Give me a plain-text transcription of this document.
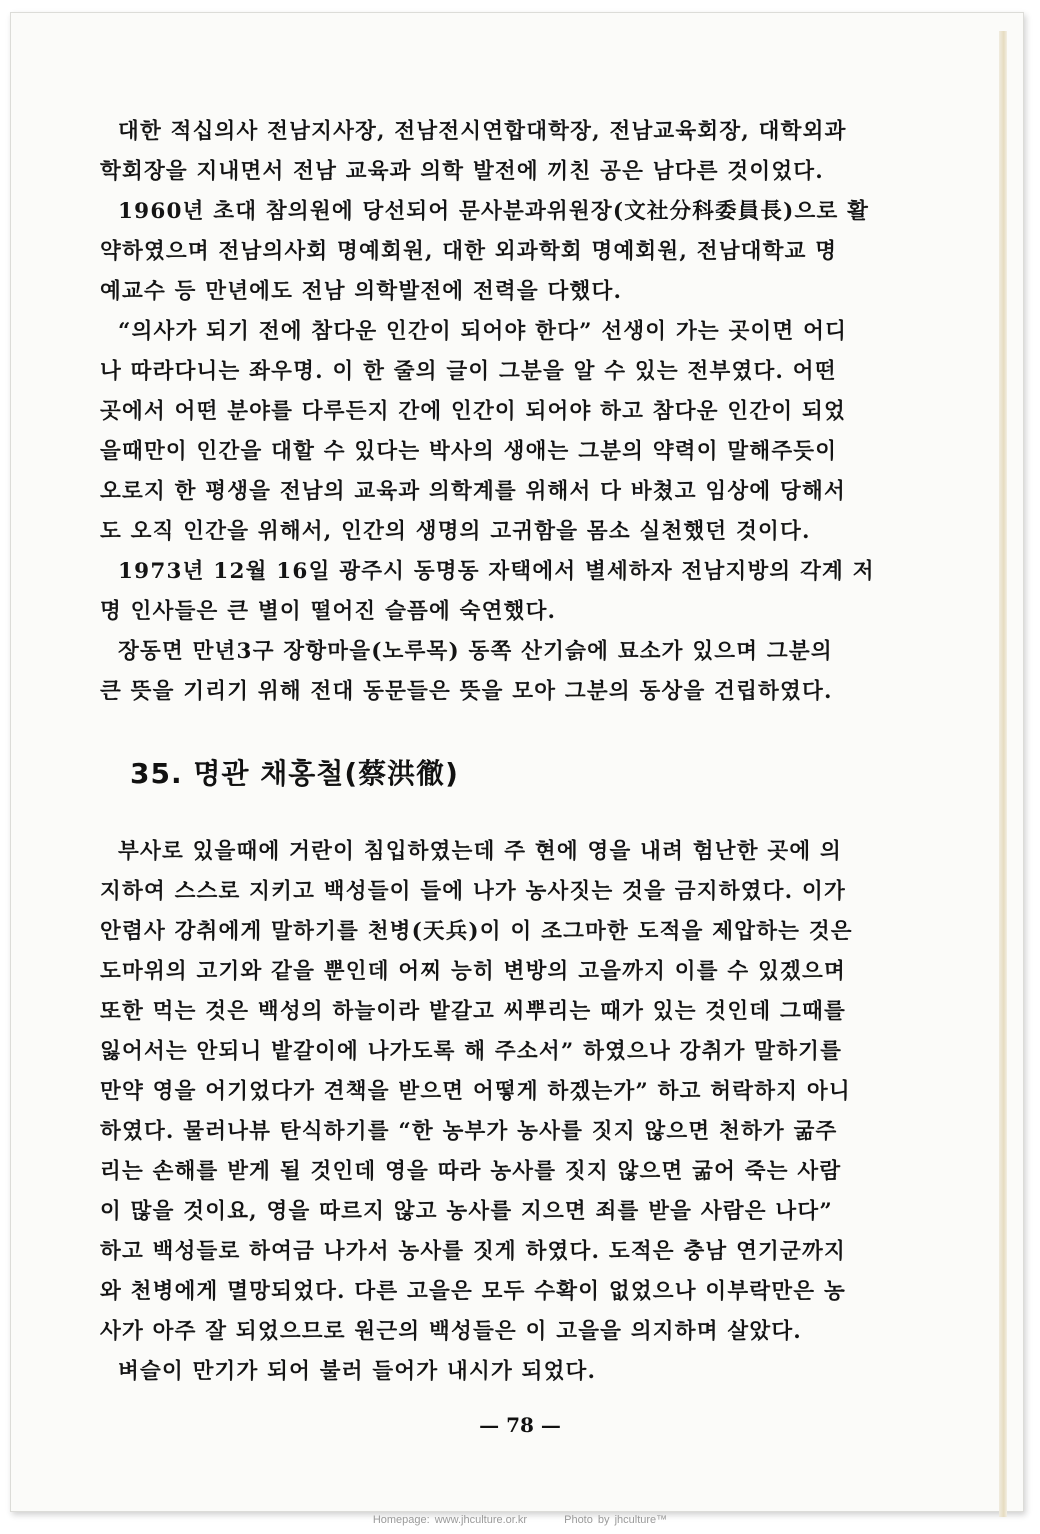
대한 적십의사 전남지사장, 전남전시연합대학장, 전남교육회장, 대학외과
학회장을 지내면서 전남 교육과 의학 발전에 끼친 공은 남다른 것이었다.
1960년 초대 참의원에 당선되어 문사분과위원장(文社分科委員長)으로 활
약하였으며 전남의사회 명예회원, 대한 외과학회 명예회원, 전남대학교 명
예교수 등 만년에도 전남 의학발전에 전력을 다했다.
“의사가 되기 전에 참다운 인간이 되어야 한다” 선생이 가는 곳이면 어디
나 따라다니는 좌우명. 이 한 줄의 글이 그분을 알 수 있는 전부였다. 어떤
곳에서 어떤 분야를 다루든지 간에 인간이 되어야 하고 참다운 인간이 되었
을때만이 인간을 대할 수 있다는 박사의 생애는 그분의 약력이 말해주듯이
오로지 한 평생을 전남의 교육과 의학계를 위해서 다 바쳤고 임상에 당해서
도 오직 인간을 위해서, 인간의 생명의 고귀함을 몸소 실천했던 것이다.
1973년 12월 16일 광주시 동명동 자택에서 별세하자 전남지방의 각계 저
명 인사들은 큰 별이 떨어진 슬픔에 숙연했다.
장동면 만년3구 장항마을(노루목) 동쪽 산기슭에 묘소가 있으며 그분의
큰 뜻을 기리기 위해 전대 동문들은 뜻을 모아 그분의 동상을 건립하였다.
35. 명관 채홍철(蔡洪徹)
부사로 있을때에 거란이 침입하였는데 주 현에 영을 내려 험난한 곳에 의
지하여 스스로 지키고 백성들이 들에 나가 농사짓는 것을 금지하였다. 이가
안렴사 강취에게 말하기를 천병(天兵)이 이 조그마한 도적을 제압하는 것은
도마위의 고기와 같을 뿐인데 어찌 능히 변방의 고을까지 이를 수 있겠으며
또한 먹는 것은 백성의 하늘이라 밭갈고 씨뿌리는 때가 있는 것인데 그때를
잃어서는 안되니 밭갈이에 나가도록 해 주소서” 하였으나 강취가 말하기를
만약 영을 어기었다가 견책을 받으면 어떻게 하겠는가” 하고 허락하지 아니
하였다. 물러나뷰 탄식하기를 “한 농부가 농사를 짓지 않으면 천하가 굶주
리는 손해를 받게 될 것인데 영을 따라 농사를 짓지 않으면 굶어 죽는 사람
이 많을 것이요, 영을 따르지 않고 농사를 지으면 죄를 받을 사람은 나다”
하고 백성들로 하여금 나가서 농사를 짓게 하였다. 도적은 충남 연기군까지
와 천병에게 멸망되었다. 다른 고을은 모두 수확이 없었으나 이부락만은 농
사가 아주 잘 되었으므로 원근의 백성들은 이 고을을 의지하며 살았다.
벼슬이 만기가 되어 불러 들어가 내시가 되었다.
— 78 —
Homepage: www.jhculture.or.kr	Photo by jhculture™
